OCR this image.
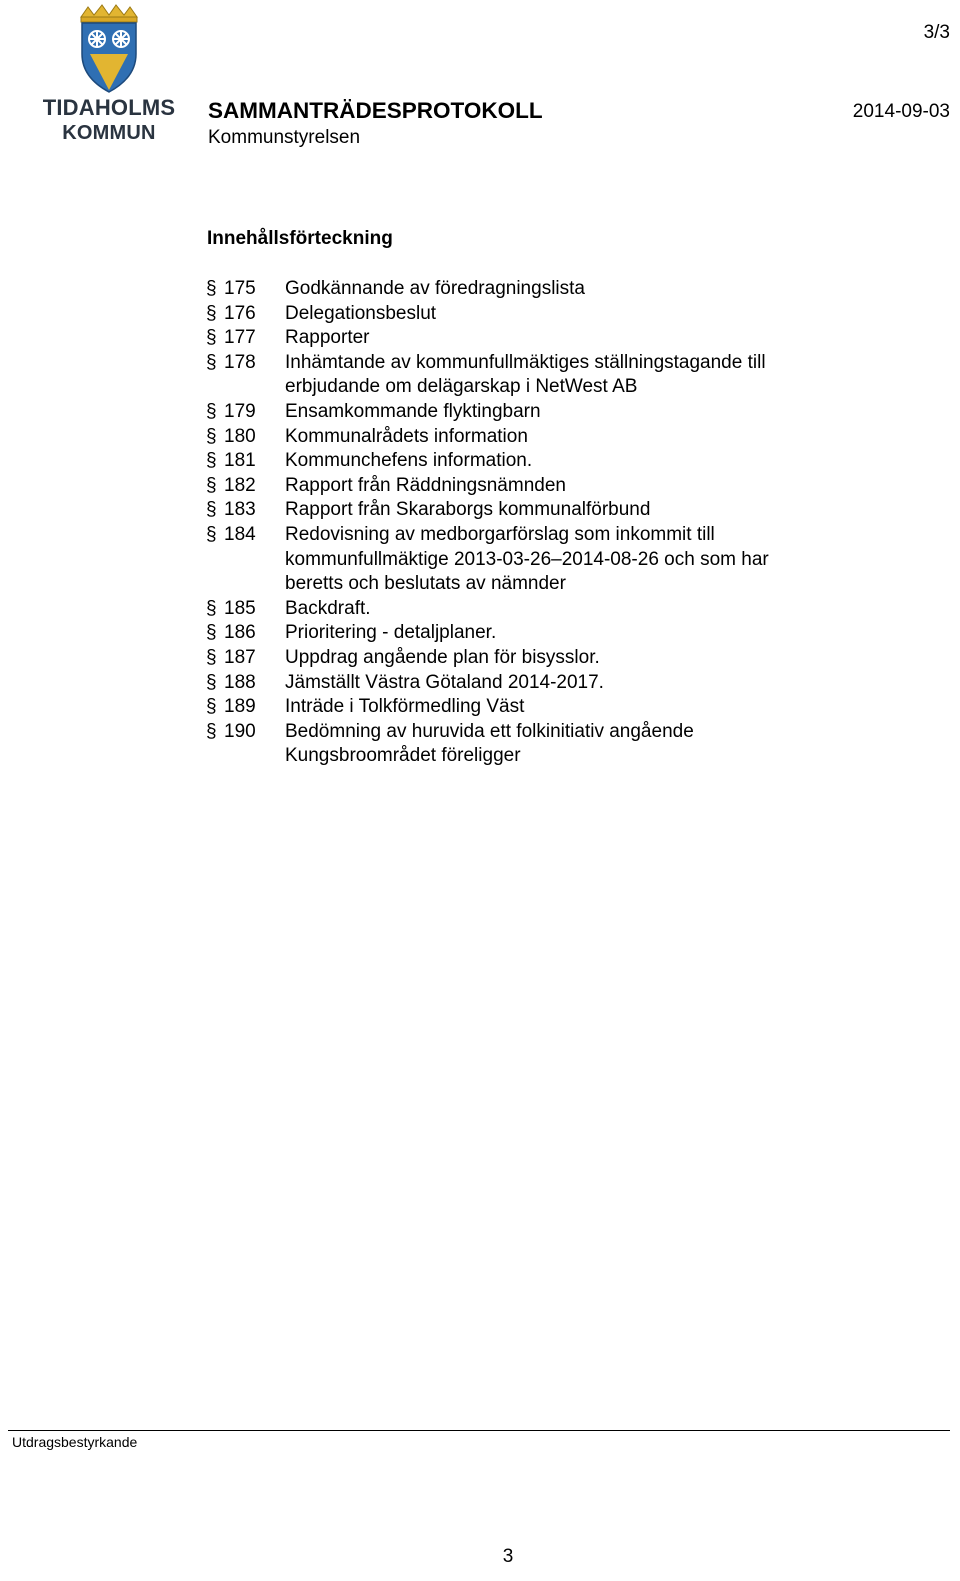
TIDAHOLMS
KOMMUN
3/3
SAMMANTRÄDESPROTOKOLL	2014-09-03
Kommunstyrelsen
Innehållsförteckning
§ 175	Godkännande av föredragningslista
§ 176	Delegationsbeslut
§ 177	Rapporter
§ 178	Inhämtande av kommunfullmäktiges ställningstagande till
erbjudande om delägarskap i NetWest AB
§ 179	Ensamkommande flyktingbarn
§ 180	Kommunalrådets information
§ 181	Kommunchefens information.
§ 182	Rapport från Räddningsnämnden
§ 183	Rapport från Skaraborgs kommunalförbund
§ 184	Redovisning av medborgarförslag som inkommit till
kommunfullmäktige 2013-03-26–2014-08-26 och som har
beretts och beslutats av nämnder
§ 185	Backdraft.
§ 186	Prioritering - detaljplaner.
§ 187	Uppdrag angående plan för bisysslor.
§ 188	Jämställt Västra Götaland 2014-2017.
§ 189	Inträde i Tolkförmedling Väst
§ 190	Bedömning av huruvida ett folkinitiativ angående
Kungsbroområdet föreligger
Utdragsbestyrkande
3
